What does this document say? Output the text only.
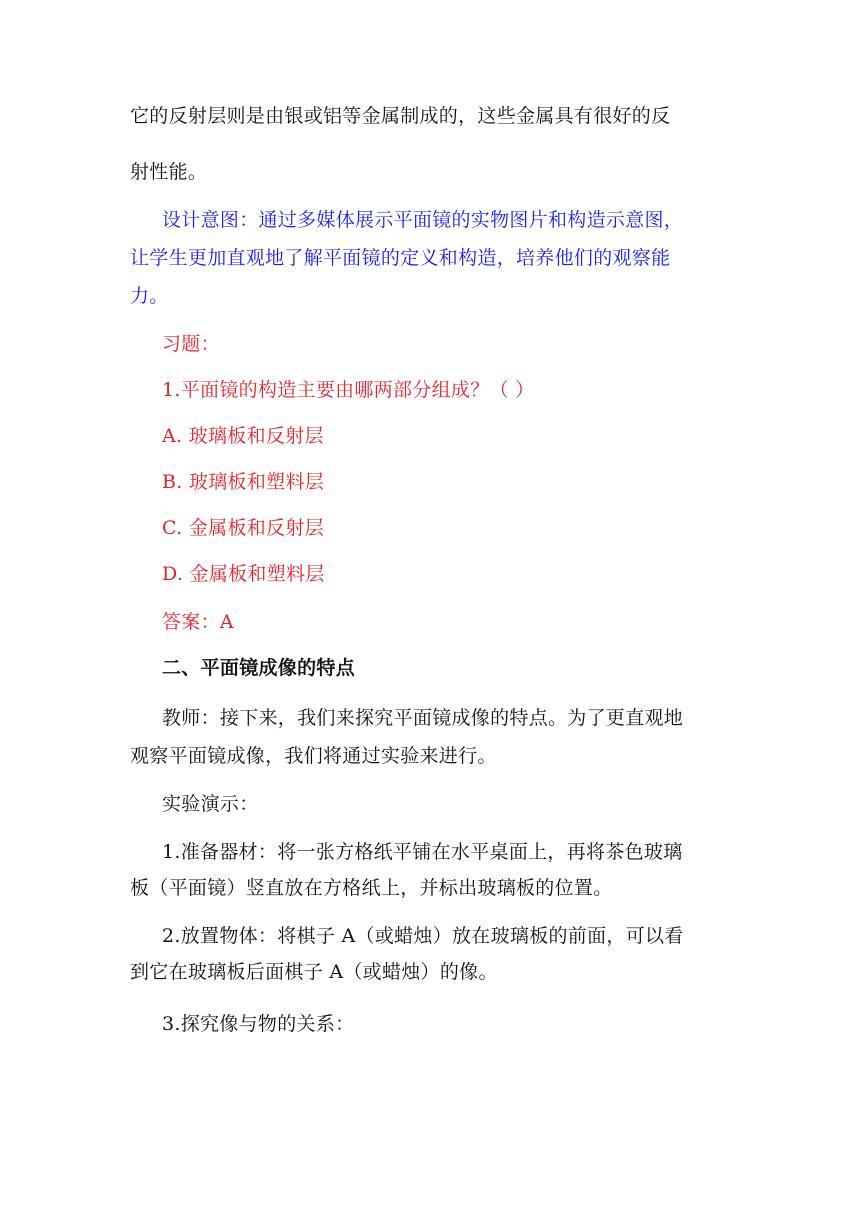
它的反射层则是由银或铝等金属制成的，这些金属具有很好的反
射性能。
设计意图：通过多媒体展示平面镜的实物图片和构造示意图，
让学生更加直观地了解平面镜的定义和构造，培养他们的观察能
力。
习题：
1.平面镜的构造主要由哪两部分组成？（ ）
A. 玻璃板和反射层
B. 玻璃板和塑料层
C. 金属板和反射层
D. 金属板和塑料层
答案：A
二、平面镜成像的特点
教师：接下来，我们来探究平面镜成像的特点。为了更直观地
观察平面镜成像，我们将通过实验来进行。
实验演示：
1.准备器材：将一张方格纸平铺在水平桌面上，再将茶色玻璃
板（平面镜）竖直放在方格纸上，并标出玻璃板的位置。
2.放置物体：将棋子 A（或蜡烛）放在玻璃板的前面，可以看
到它在玻璃板后面棋子 A（或蜡烛）的像。
3.探究像与物的关系：
